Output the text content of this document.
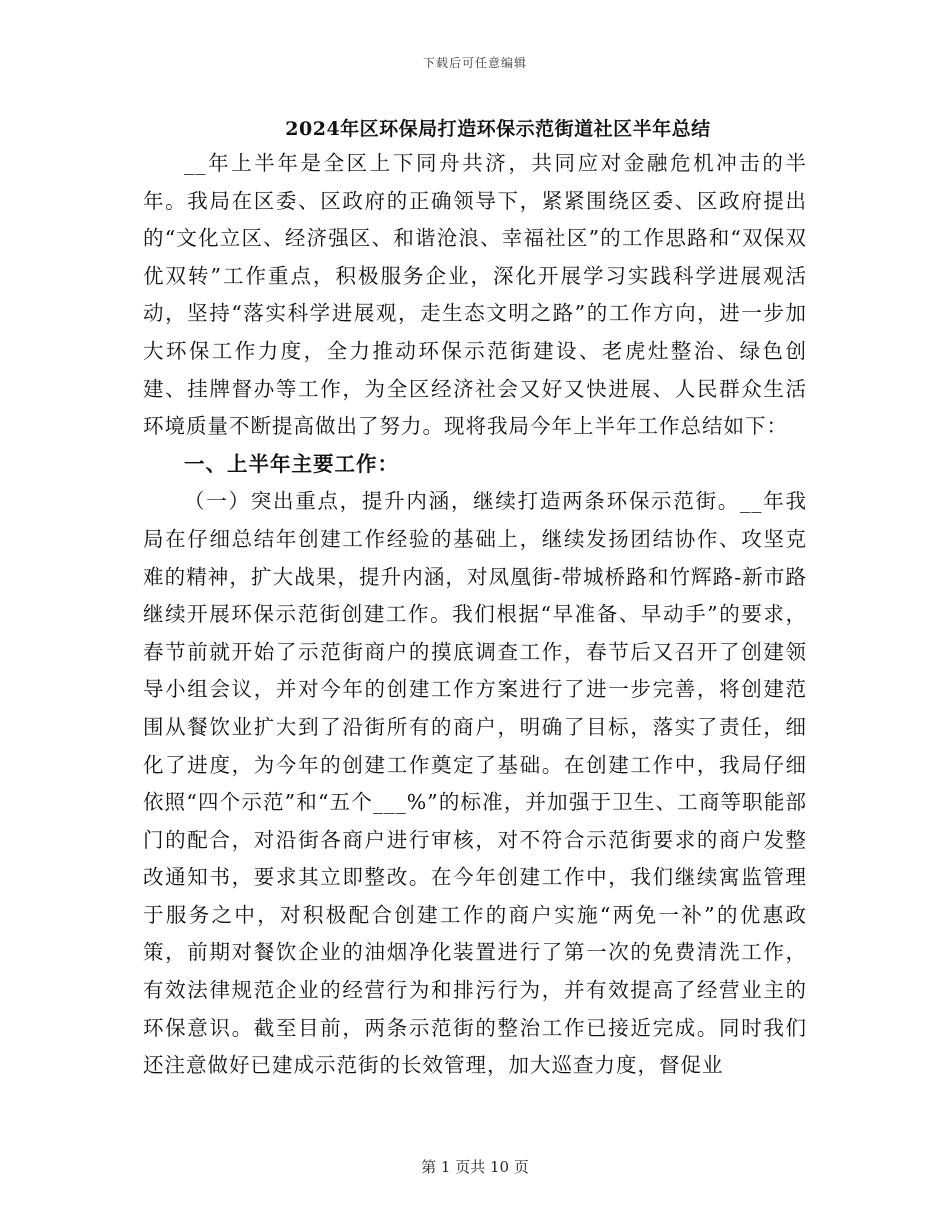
下载后可任意编辑
2024年区环保局打造环保示范街道社区半年总结

__年上半年是全区上下同舟共济，共同应对金融危机冲击的半年。我局在区委、区政府的正确领导下，紧紧围绕区委、区政府提出的“文化立区、经济强区、和谐沧浪、幸福社区”的工作思路和“双保双优双转”工作重点，积极服务企业，深化开展学习实践科学进展观活动，坚持“落实科学进展观，走生态文明之路”的工作方向，进一步加大环保工作力度，全力推动环保示范街建设、老虎灶整治、绿色创建、挂牌督办等工作，为全区经济社会又好又快进展、人民群众生活环境质量不断提高做出了努力。现将我局今年上半年工作总结如下：

一、上半年主要工作：

（一）突出重点，提升内涵，继续打造两条环保示范街。__年我局在仔细总结年创建工作经验的基础上，继续发扬团结协作、攻坚克难的精神，扩大战果，提升内涵，对凤凰街-带城桥路和竹辉路-新市路继续开展环保示范街创建工作。我们根据“早准备、早动手”的要求，春节前就开始了示范街商户的摸底调查工作，春节后又召开了创建领导小组会议，并对今年的创建工作方案进行了进一步完善，将创建范围从餐饮业扩大到了沿街所有的商户，明确了目标，落实了责任，细化了进度，为今年的创建工作奠定了基础。在创建工作中，我局仔细依照“四个示范”和“五个___%”的标准，并加强于卫生、工商等职能部门的配合，对沿街各商户进行审核，对不符合示范街要求的商户发整改通知书，要求其立即整改。在今年创建工作中，我们继续寓监管理于服务之中，对积极配合创建工作的商户实施“两免一补”的优惠政策，前期对餐饮企业的油烟净化装置进行了第一次的免费清洗工作，有效法律规范企业的经营行为和排污行为，并有效提高了经营业主的环保意识。截至目前，两条示范街的整治工作已接近完成。同时我们还注意做好已建成示范街的长效管理，加大巡查力度，督促业

第 1 页共 10 页
